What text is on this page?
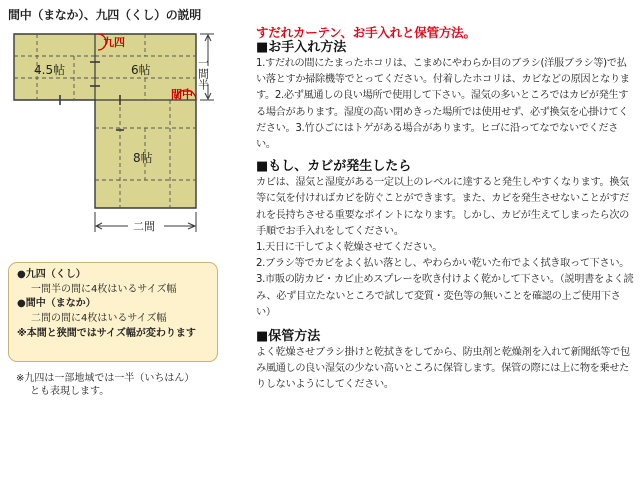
間中（まなか）、九四（くし）の説明
4.5帖	6帖
8帖
九四
間中
一間半
二間
●九四（くし）
一間半の間に4枚はいるサイズ幅
●間中（まなか）
二間の間に4枚はいるサイズ幅
※本間と狭間ではサイズ幅が変わります
※九四は一部地域では一半（いちはん）
とも表現します。
すだれカーテン、お手入れと保管方法。
■お手入れ方法
1.すだれの間にたまったホコリは、こまめにやわらか目のブラシ(洋服ブラシ等)で払い落とすか掃除機等でとってください。付着したホコリは、カビなどの原因となります。2.必ず風通しの良い場所で使用して下さい。湿気の多いところではカビが発生する場合があります。湿度の高い閉めきった場所では使用せず、必ず換気を心掛けてください。3.竹ひごにはトゲがある場合があります。ヒゴに沿ってなでないでください。
■もし、カビが発生したら
カビは、湿気と湿度がある一定以上のレベルに達すると発生しやすくなります。換気等に気を付ければカビを防ぐことができます。また、カビを発生させないことがすだれを長持ちさせる重要なポイントになります。しかし、カビが生えてしまったら次の手順でお手入れをしてください。
1.天日に干してよく乾燥させてください。
2.ブラシ等でカビをよく払い落とし、やわらかい乾いた布でよく拭き取って下さい。
3.市販の防カビ・カビ止めスプレーを吹き付けよく乾かして下さい。（説明書をよく読み、必ず目立たないところで試して変質・変色等の無いことを確認の上ご使用下さい）
■保管方法
よく乾燥させブラシ掛けと乾拭きをしてから、防虫剤と乾燥剤を入れて新聞紙等で包み風通しの良い湿気の少ない高いところに保管します。保管の際には上に物を乗せたりしないようにしてください。
